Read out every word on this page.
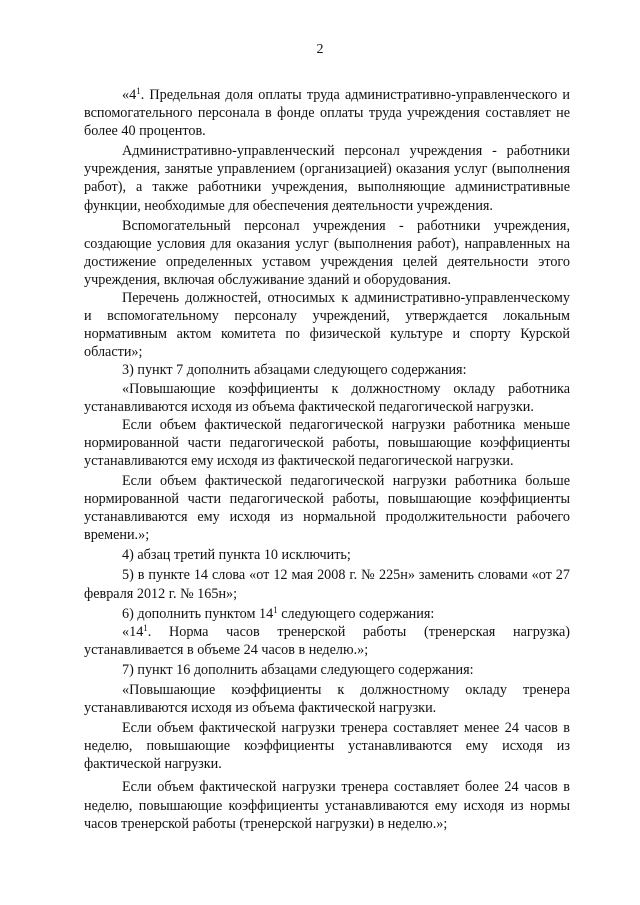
2

«$4^1$. Предельная доля оплаты труда административно-управленческого и вспомогательного персонала в фонде оплаты труда учреждения составляет не более 40 процентов.

Административно-управленческий персонал учреждения - работники учреждения, занятые управлением (организацией) оказания услуг (выполнения работ), а также работники учреждения, выполняющие административные функции, необходимые для обеспечения деятельности учреждения.

Вспомогательный персонал учреждения - работники учреждения, создающие условия для оказания услуг (выполнения работ), направленных на достижение определенных уставом учреждения целей деятельности этого учреждения, включая обслуживание зданий и оборудования.

Перечень должностей, относимых к административно-управленческому и вспомогательному персоналу учреждений, утверждается локальным нормативным актом комитета по физической культуре и спорту Курской области»;

3) пункт 7 дополнить абзацами следующего содержания:

«Повышающие коэффициенты к должностному окладу работника устанавливаются исходя из объема фактической педагогической нагрузки.

Если объем фактической педагогической нагрузки работника меньше нормированной части педагогической работы, повышающие коэффициенты устанавливаются ему исходя из фактической педагогической нагрузки.

Если объем фактической педагогической нагрузки работника больше нормированной части педагогической работы, повышающие коэффициенты устанавливаются ему исходя из нормальной продолжительности рабочего времени.»;

4) абзац третий пункта 10 исключить;

5) в пункте 14 слова «от 12 мая 2008 г. № 225н» заменить словами «от 27 февраля 2012 г. № 165н»;

6) дополнить пунктом $14^1$ следующего содержания:

«$14^1$. Норма часов тренерской работы (тренерская нагрузка) устанавливается в объеме 24 часов в неделю.»;

7) пункт 16 дополнить абзацами следующего содержания:

«Повышающие коэффициенты к должностному окладу тренера устанавливаются исходя из объема фактической нагрузки.

Если объем фактической нагрузки тренера составляет менее 24 часов в неделю, повышающие коэффициенты устанавливаются ему исходя из фактической нагрузки.

Если объем фактической нагрузки тренера составляет более 24 часов в неделю, повышающие коэффициенты устанавливаются ему исходя из нормы часов тренерской работы (тренерской нагрузки) в неделю.»;
